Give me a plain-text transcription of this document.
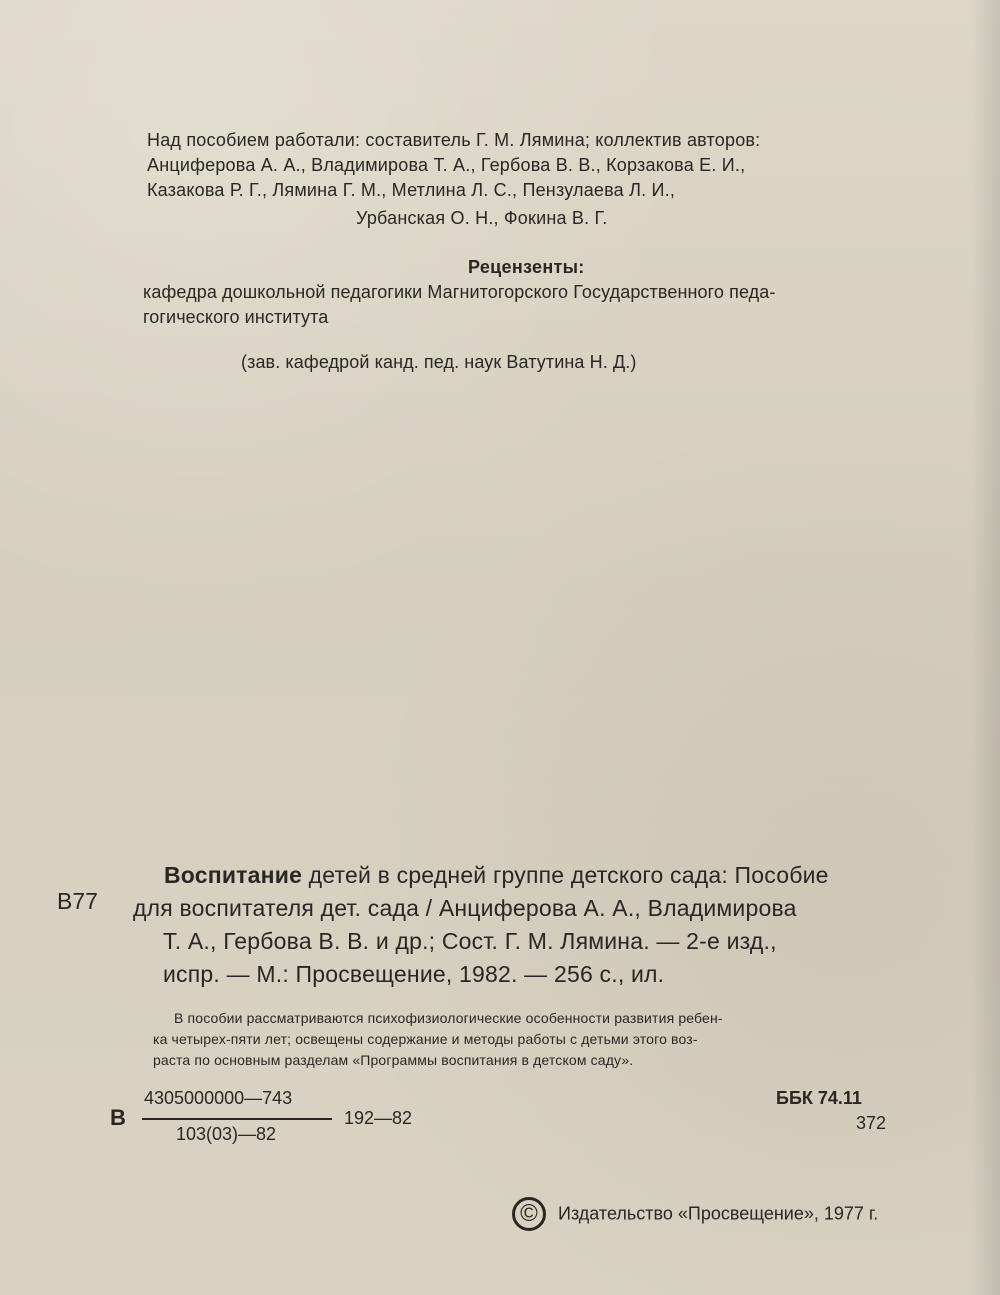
Над пособием работали: составитель Г. М. Лямина; коллектив авторов:
Анциферова А. А., Владимирова Т. А., Гербова В. В., Корзакова Е. И.,
Казакова Р. Г., Лямина Г. М., Метлина Л. С., Пензулаева Л. И.,
Урбанская О. Н., Фокина В. Г.
Рецензенты:
кафедра дошкольной педагогики Магнитогорского Государственного педа-
гогического института
(зав. кафедрой канд. пед. наук Ватутина Н. Д.)
В77
Воспитание детей в средней группе детского сада: Пособие
для воспитателя дет. сада / Анциферова А. А., Владимирова
Т. А., Гербова В. В. и др.; Сост. Г. М. Лямина. — 2-е изд.,
испр. — М.: Просвещение, 1982. — 256 с., ил.
В пособии рассматриваются психофизиологические особенности развития ребен-
ка четырех-пяти лет; освещены содержание и методы работы с детьми этого воз-
раста по основным разделам «Программы воспитания в детском саду».
В
4305000000—743
103(03)—82
192—82
ББК 74.11
372
© Издательство «Просвещение», 1977 г.
